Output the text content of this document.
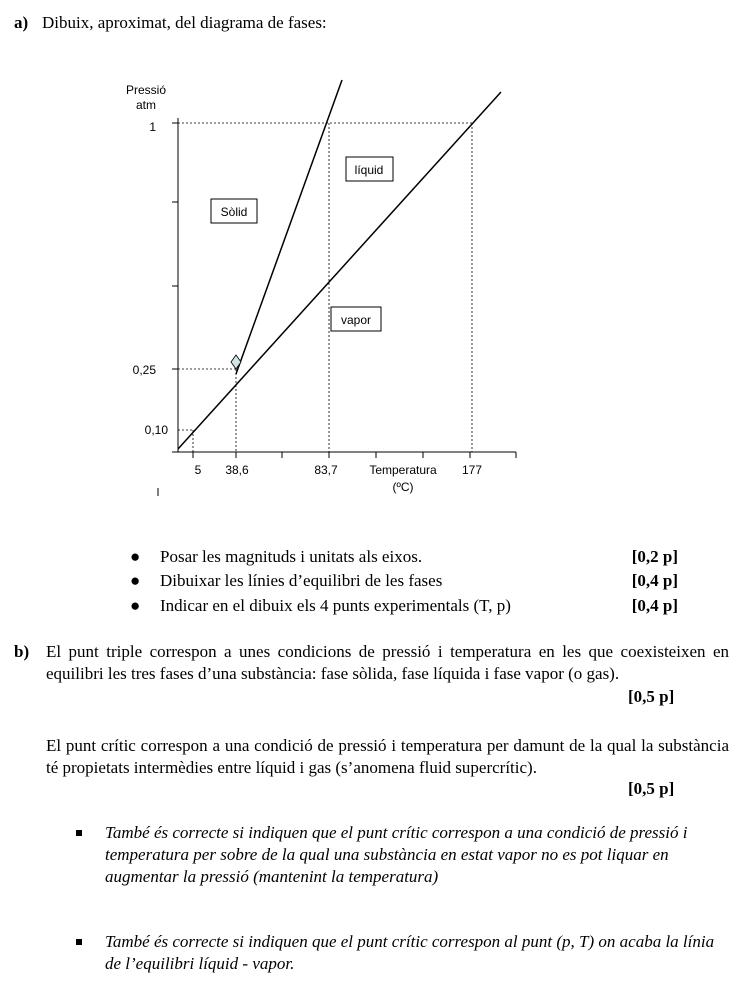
a) Dibuix, aproximat, del diagrama de fases:
Sòlid
líquid
vapor
Pressió
atm
1
0,25
0,10
5 38,6	83,7	Temperatura
(ºC)
177
● Posar les magnituds i unitats als eixos.	[0,2 p]
● Dibuixar les línies d’equilibri de les fases	[0,4 p]
● Indicar en el dibuix els 4 punts experimentals (T, p)	[0,4 p]
b) El punt triple correspon a unes condicions de pressió i temperatura en les que coexisteixen en equilibri les tres fases d’una substància: fase sòlida, fase líquida i fase vapor (o gas).
[0,5 p]
El punt crític correspon a una condició de pressió i temperatura per damunt de la qual la substància té propietats intermèdies entre líquid i gas (s’anomena fluid supercrític).
[0,5 p]
També és correcte si indiquen que el punt crític correspon a una condició de pressió i temperatura per sobre de la qual una substància en estat vapor no es pot liquar en augmentar la pressió (mantenint la temperatura)
També és correcte si indiquen que el punt crític correspon al punt (p, T) on acaba la línia de l’equilibri líquid - vapor.
